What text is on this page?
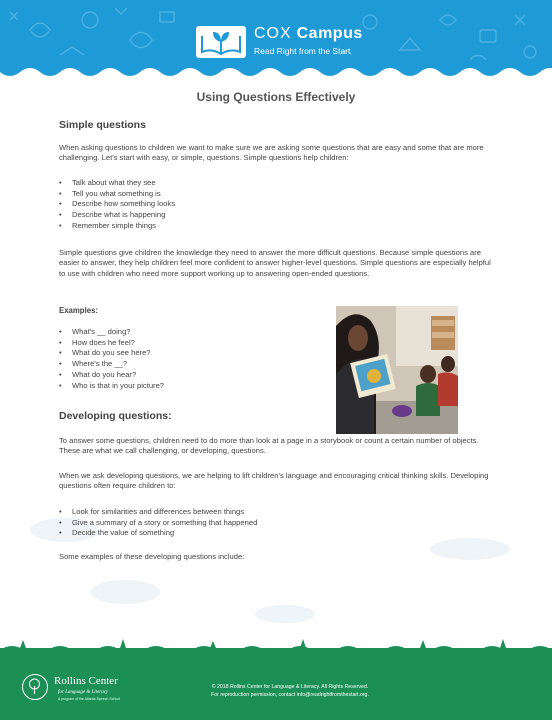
COX Campus
Read Right from the Start
Using Questions Effectively
Simple questions
When asking questions to children we want to make sure we are asking some questions that are easy and some that are more challenging. Let's start with easy, or simple, questions. Simple questions help children:
• Talk about what they see
• Tell you what something is
• Describe how something looks
• Describe what is happening
• Remember simple things
Simple questions give children the knowledge they need to answer the more difficult questions. Because simple questions are easier to answer, they help children feel more confident to answer higher-level questions. Simple questions are especially helpful to use with children who need more support working up to answering open-ended questions.
Examples:
• What's __ doing?
• How does he feel?
• What do you see here?
• Where's the __?
• What do you hear?
• Who is that in your picture?
Developing questions:
To answer some questions, children need to do more than look at a page in a storybook or count a certain number of objects. These are what we call challenging, or developing, questions.
When we ask developing questions, we are helping to lift children's language and encouraging critical thinking skills. Developing questions often require children to:
• Look for similarities and differences between things
• Give a summary of a story or something that happened
• Decide the value of something
Some examples of these developing questions include:
Rollins Center
for Language & Literacy
A program of the Atlanta Speech School
© 2018 Rollins Center for Language & Literacy. All Rights Reserved.
For reproduction permission, contact info@readrightfromthestart.org.
